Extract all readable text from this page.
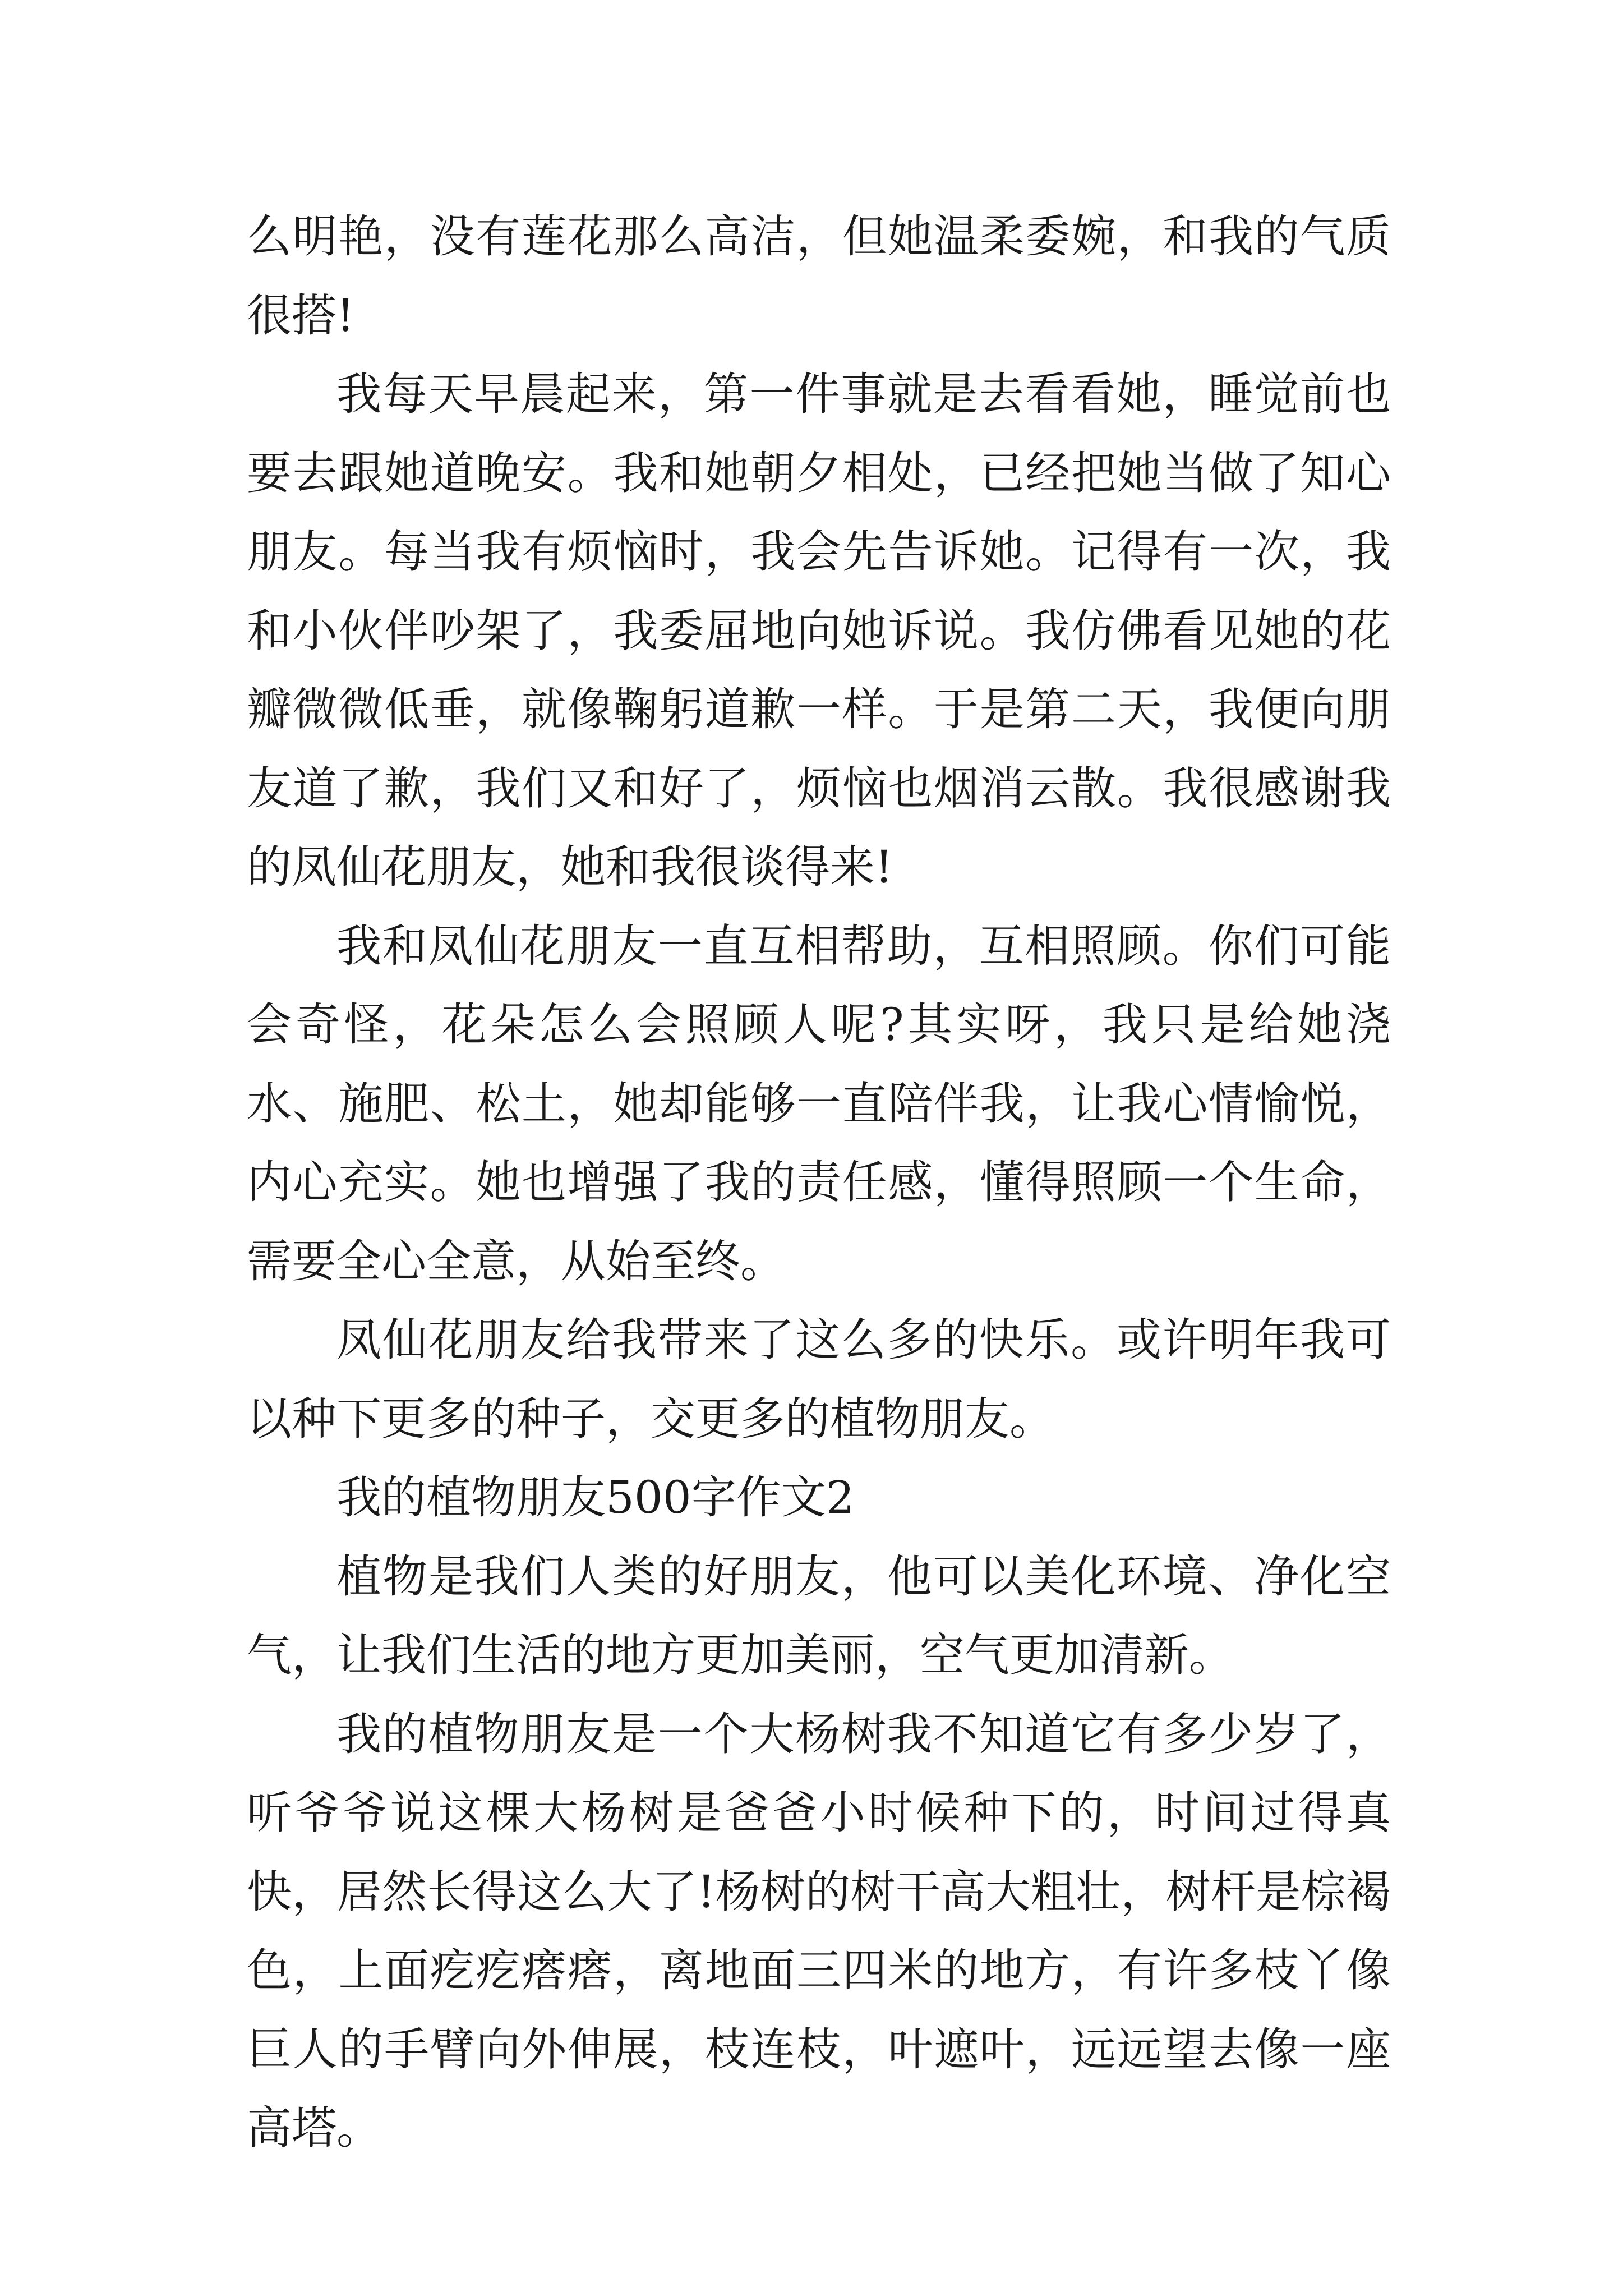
么明艳，没有莲花那么高洁，但她温柔委婉，和我的气质很搭!

我每天早晨起来，第一件事就是去看看她，睡觉前也要去跟她道晚安。我和她朝夕相处，已经把她当做了知心朋友。每当我有烦恼时，我会先告诉她。记得有一次，我和小伙伴吵架了，我委屈地向她诉说。我仿佛看见她的花瓣微微低垂，就像鞠躬道歉一样。于是第二天，我便向朋友道了歉，我们又和好了，烦恼也烟消云散。我很感谢我的凤仙花朋友，她和我很谈得来!

我和凤仙花朋友一直互相帮助，互相照顾。你们可能会奇怪，花朵怎么会照顾人呢?其实呀，我只是给她浇水、施肥、松土，她却能够一直陪伴我，让我心情愉悦，内心充实。她也增强了我的责任感，懂得照顾一个生命，需要全心全意，从始至终。

凤仙花朋友给我带来了这么多的快乐。或许明年我可以种下更多的种子，交更多的植物朋友。

我的植物朋友500字作文2

植物是我们人类的好朋友，他可以美化环境、净化空气，让我们生活的地方更加美丽，空气更加清新。

我的植物朋友是一个大杨树我不知道它有多少岁了，听爷爷说这棵大杨树是爸爸小时候种下的，时间过得真快，居然长得这么大了!杨树的树干高大粗壮，树杆是棕褐色，上面疙疙瘩瘩，离地面三四米的地方，有许多枝丫像巨人的手臂向外伸展，枝连枝，叶遮叶，远远望去像一座高塔。
